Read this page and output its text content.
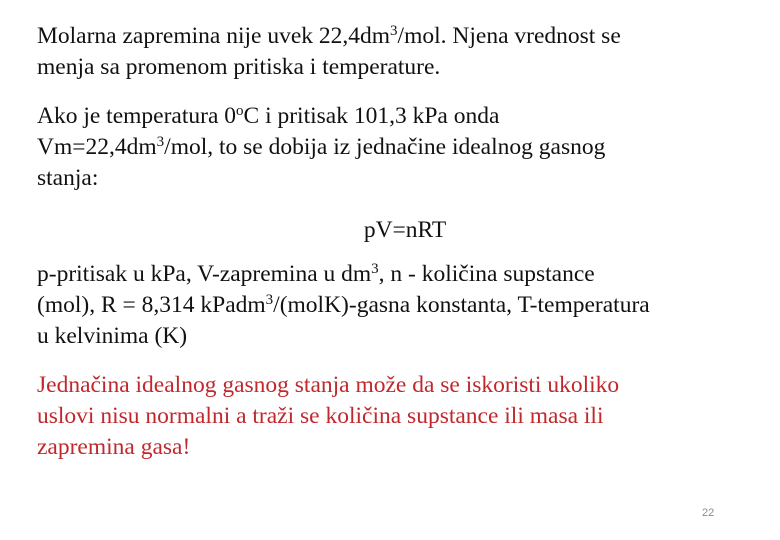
Molarna zapremina nije uvek $22,4dm^3$/mol. Njena vrednost se
menja sa promenom pritiska i temperature.

Ako je temperatura 0$^o$C i pritisak 101,3 kPa onda
$Vm=22,4dm^3$/mol, to se dobija iz jednačine idealnog gasnog
stanja:

pV=nRT

p-pritisak u kPa, V-zapremina u $dm^3$, n - količina supstance
(mol), R = 8,314 kPadm$^3$/(molK)-gasna konstanta, T-temperatura
u kelvinima (K)

Jednačina idealnog gasnog stanja može da se iskoristi ukoliko
uslovi nisu normalni a traži se količina supstance ili masa ili
zapremina gasa!

22
